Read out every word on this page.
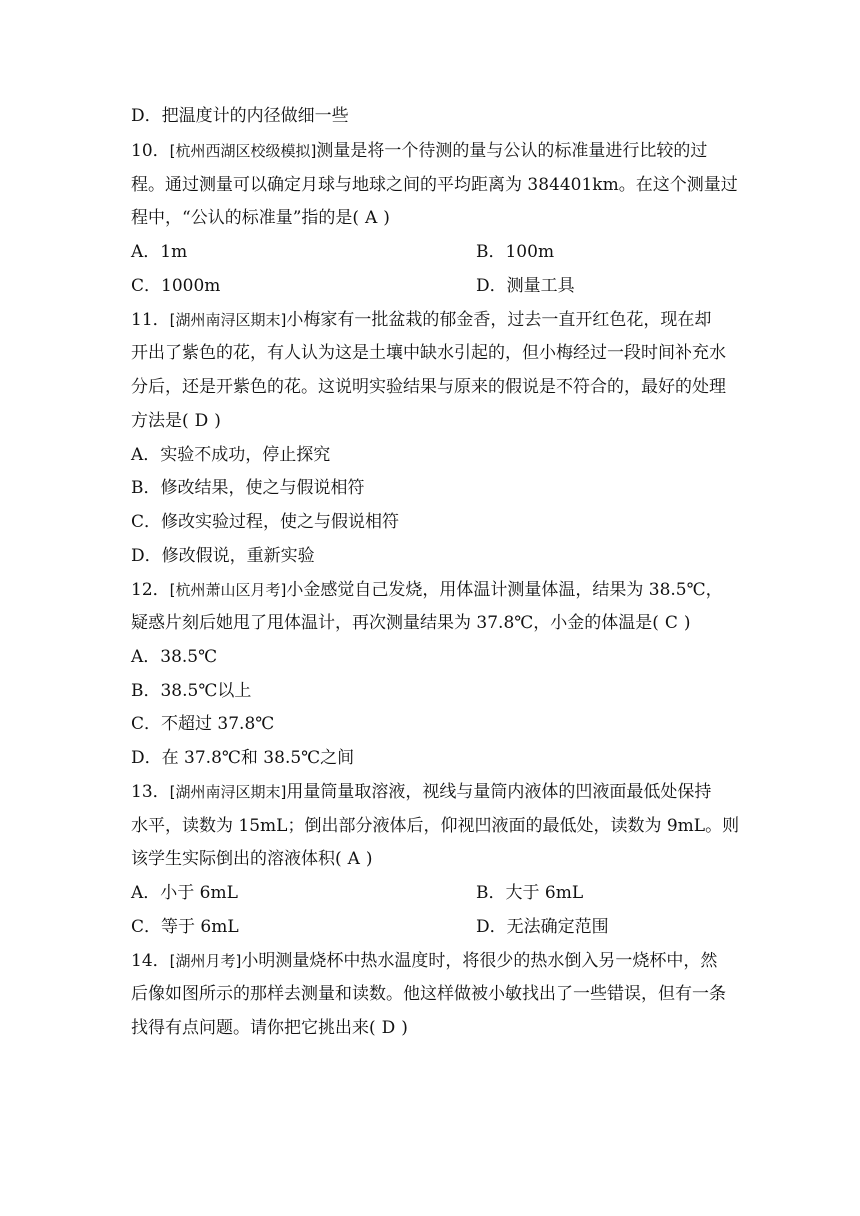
D．把温度计的内径做细一些
10．[杭州西湖区校级模拟]测量是将一个待测的量与公认的标准量进行比较的过
程。通过测量可以确定月球与地球之间的平均距离为 384401km。在这个测量过
程中，“公认的标准量”指的是( A )
A．1m	B．100m
C．1000m	D．测量工具
11．[湖州南浔区期末]小梅家有一批盆栽的郁金香，过去一直开红色花，现在却
开出了紫色的花，有人认为这是土壤中缺水引起的，但小梅经过一段时间补充水
分后，还是开紫色的花。这说明实验结果与原来的假说是不符合的，最好的处理
方法是( D )
A．实验不成功，停止探究
B．修改结果，使之与假说相符
C．修改实验过程，使之与假说相符
D．修改假说，重新实验
12．[杭州萧山区月考]小金感觉自己发烧，用体温计测量体温，结果为 38.5℃，
疑惑片刻后她甩了甩体温计，再次测量结果为 37.8℃，小金的体温是( C )
A．38.5℃
B．38.5℃以上
C．不超过 37.8℃
D．在 37.8℃和 38.5℃之间
13．[湖州南浔区期末]用量筒量取溶液，视线与量筒内液体的凹液面最低处保持
水平，读数为 15mL；倒出部分液体后，仰视凹液面的最低处，读数为 9mL。则
该学生实际倒出的溶液体积( A )
A．小于 6mL	B．大于 6mL
C．等于 6mL	D．无法确定范围
14．[湖州月考]小明测量烧杯中热水温度时，将很少的热水倒入另一烧杯中，然
后像如图所示的那样去测量和读数。他这样做被小敏找出了一些错误，但有一条
找得有点问题。请你把它挑出来( D )
